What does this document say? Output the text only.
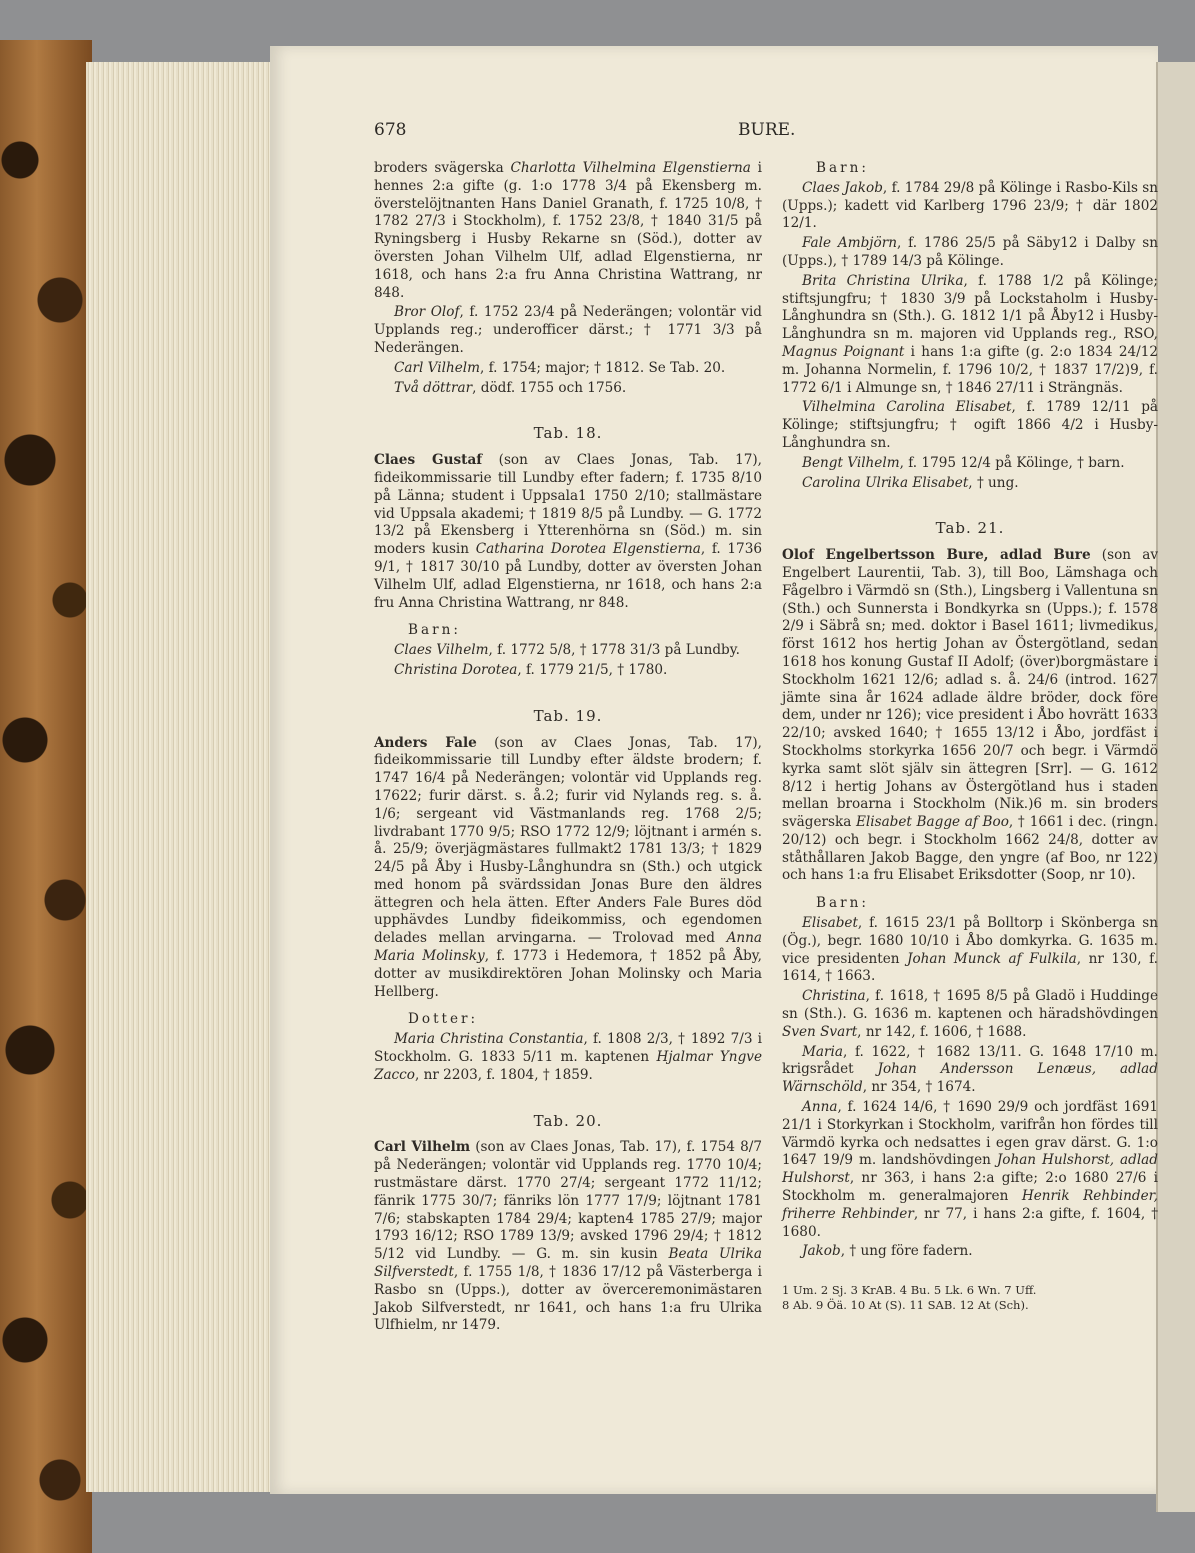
678	BURE.

broders svägerska Charlotta Vilhelmina Elgenstierna i hennes 2:a gifte (g. 1:o 1778 3/4 på Ekensberg m. överstelöjtnanten Hans Daniel Granath, f. 1725 10/8, † 1782 27/3 i Stockholm), f. 1752 23/8, † 1840 31/5 på Ryningsberg i Husby Rekarne sn (Söd.), dotter av översten Johan Vilhelm Ulf, adlad Elgenstierna, nr 1618, och hans 2:a fru Anna Christina Wattrang, nr 848.

Bror Olof, f. 1752 23/4 på Nederängen; volontär vid Upplands reg.; underofficer därst.; † 1771 3/3 på Nederängen.

Carl Vilhelm, f. 1754; major; † 1812. Se Tab. 20.

Två döttrar, dödf. 1755 och 1756.

Tab. 18.

Claes Gustaf (son av Claes Jonas, Tab. 17), fideikommissarie till Lundby efter fadern; f. 1735 8/10 på Länna; student i Uppsala1 1750 2/10; stallmästare vid Uppsala akademi; † 1819 8/5 på Lundby. — G. 1772 13/2 på Ekensberg i Ytterenhörna sn (Söd.) m. sin moders kusin Catharina Dorotea Elgenstierna, f. 1736 9/1, † 1817 30/10 på Lundby, dotter av översten Johan Vilhelm Ulf, adlad Elgenstierna, nr 1618, och hans 2:a fru Anna Christina Wattrang, nr 848.

Barn:

Claes Vilhelm, f. 1772 5/8, † 1778 31/3 på Lundby.

Christina Dorotea, f. 1779 21/5, † 1780.

Tab. 19.

Anders Fale (son av Claes Jonas, Tab. 17), fideikommissarie till Lundby efter äldste brodern; f. 1747 16/4 på Nederängen; volontär vid Upplands reg. 17622; furir därst. s. å.2; furir vid Nylands reg. s. å. 1/6; sergeant vid Västmanlands reg. 1768 2/5; livdrabant 1770 9/5; RSO 1772 12/9; löjtnant i armén s. å. 25/9; överjägmästares fullmakt2 1781 13/3; † 1829 24/5 på Åby i Husby-Långhundra sn (Sth.) och utgick med honom på svärdssidan Jonas Bure den äldres ättegren och hela ätten. Efter Anders Fale Bures död upphävdes Lundby fideikommiss, och egendomen delades mellan arvingarna. — Trolovad med Anna Maria Molinsky, f. 1773 i Hedemora, † 1852 på Åby, dotter av musikdirektören Johan Molinsky och Maria Hellberg.

Dotter:

Maria Christina Constantia, f. 1808 2/3, † 1892 7/3 i Stockholm. G. 1833 5/11 m. kaptenen Hjalmar Yngve Zacco, nr 2203, f. 1804, † 1859.

Tab. 20.

Carl Vilhelm (son av Claes Jonas, Tab. 17), f. 1754 8/7 på Nederängen; volontär vid Upplands reg. 1770 10/4; rustmästare därst. 1770 27/4; sergeant 1772 11/12; fänrik 1775 30/7; fänriks lön 1777 17/9; löjtnant 1781 7/6; stabskapten 1784 29/4; kapten4 1785 27/9; major 1793 16/12; RSO 1789 13/9; avsked 1796 29/4; † 1812 5/12 vid Lundby. — G. m. sin kusin Beata Ulrika Silfverstedt, f. 1755 1/8, † 1836 17/12 på Västerberga i Rasbo sn (Upps.), dotter av överceremonimästaren Jakob Silfverstedt, nr 1641, och hans 1:a fru Ulrika Ulfhielm, nr 1479.

Barn:

Claes Jakob, f. 1784 29/8 på Kölinge i Rasbo-Kils sn (Upps.); kadett vid Karlberg 1796 23/9; † där 1802 12/1.

Fale Ambjörn, f. 1786 25/5 på Säby12 i Dalby sn (Upps.), † 1789 14/3 på Kölinge.

Brita Christina Ulrika, f. 1788 1/2 på Kölinge; stiftsjungfru; † 1830 3/9 på Lockstaholm i Husby-Långhundra sn (Sth.). G. 1812 1/1 på Åby12 i Husby-Långhundra sn m. majoren vid Upplands reg., RSO, Magnus Poignant i hans 1:a gifte (g. 2:o 1834 24/12 m. Johanna Normelin, f. 1796 10/2, † 1837 17/2)9, f. 1772 6/1 i Almunge sn, † 1846 27/11 i Strängnäs.

Vilhelmina Carolina Elisabet, f. 1789 12/11 på Kölinge; stiftsjungfru; † ogift 1866 4/2 i Husby-Långhundra sn.

Bengt Vilhelm, f. 1795 12/4 på Kölinge, † barn.

Carolina Ulrika Elisabet, † ung.

Tab. 21.

Olof Engelbertsson Bure, adlad Bure (son av Engelbert Laurentii, Tab. 3), till Boo, Lämshaga och Fågelbro i Värmdö sn (Sth.), Lingsberg i Vallentuna sn (Sth.) och Sunnersta i Bondkyrka sn (Upps.); f. 1578 2/9 i Säbrå sn; med. doktor i Basel 1611; livmedikus, först 1612 hos hertig Johan av Östergötland, sedan 1618 hos konung Gustaf II Adolf; (över)borgmästare i Stockholm 1621 12/6; adlad s. å. 24/6 (introd. 1627 jämte sina år 1624 adlade äldre bröder, dock före dem, under nr 126); vice president i Åbo hovrätt 1633 22/10; avsked 1640; † 1655 13/12 i Åbo, jordfäst i Stockholms storkyrka 1656 20/7 och begr. i Värmdö kyrka samt slöt själv sin ättegren [Srr]. — G. 1612 8/12 i hertig Johans av Östergötland hus i staden mellan broarna i Stockholm (Nik.)6 m. sin broders svägerska Elisabet Bagge af Boo, † 1661 i dec. (ringn. 20/12) och begr. i Stockholm 1662 24/8, dotter av ståthållaren Jakob Bagge, den yngre (af Boo, nr 122) och hans 1:a fru Elisabet Eriksdotter (Soop, nr 10).

Barn:

Elisabet, f. 1615 23/1 på Bolltorp i Skönberga sn (Ög.), begr. 1680 10/10 i Åbo domkyrka. G. 1635 m. vice presidenten Johan Munck af Fulkila, nr 130, f. 1614, † 1663.

Christina, f. 1618, † 1695 8/5 på Gladö i Huddinge sn (Sth.). G. 1636 m. kaptenen och häradshövdingen Sven Svart, nr 142, f. 1606, † 1688.

Maria, f. 1622, † 1682 13/11. G. 1648 17/10 m. krigsrådet Johan Andersson Lenæus, adlad Wärnschöld, nr 354, † 1674.

Anna, f. 1624 14/6, † 1690 29/9 och jordfäst 1691 21/1 i Storkyrkan i Stockholm, varifrån hon fördes till Värmdö kyrka och nedsattes i egen grav därst. G. 1:o 1647 19/9 m. landshövdingen Johan Hulshorst, adlad Hulshorst, nr 363, i hans 2:a gifte; 2:o 1680 27/6 i Stockholm m. generalmajoren Henrik Rehbinder, friherre Rehbinder, nr 77, i hans 2:a gifte, f. 1604, † 1680.

Jakob, † ung före fadern.

1 Um. 2 Sj. 3 KrAB. 4 Bu. 5 Lk. 6 Wn. 7 Uff.
8 Ab. 9 Öä. 10 At (S). 11 SAB. 12 At (Sch).
